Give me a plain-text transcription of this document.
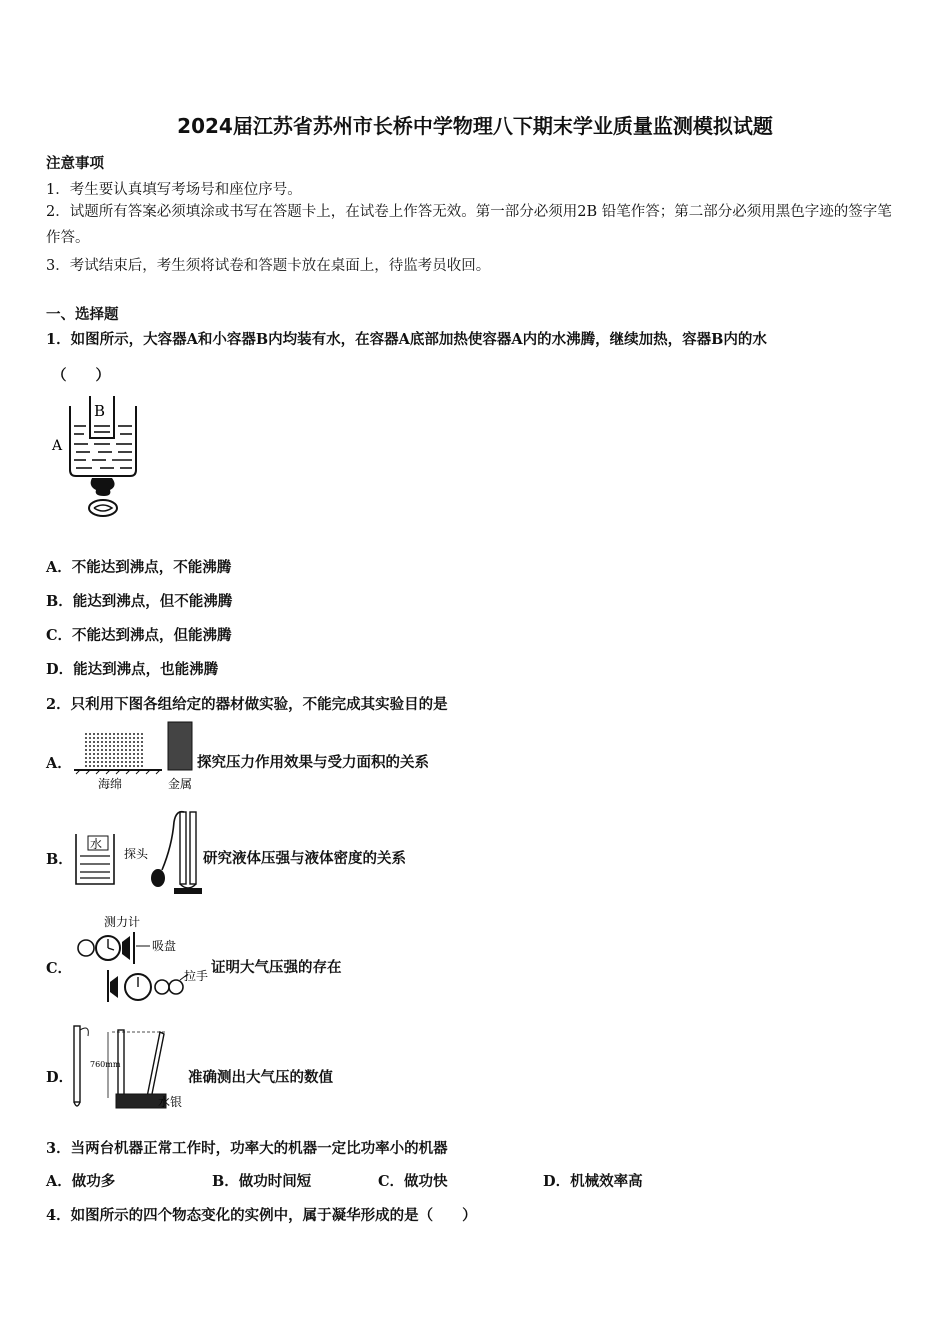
2024届江苏省苏州市长桥中学物理八下期末学业质量监测模拟试题
注意事项
1．考生要认真填写考场号和座位序号。
2．试题所有答案必须填涂或书写在答题卡上，在试卷上作答无效。第一部分必须用2B 铅笔作答；第二部分必须用黑色字迹的签字笔作答。
3．考试结束后，考生须将试卷和答题卡放在桌面上，待监考员收回。
一、选择题
1．如图所示，大容器A和小容器B内均装有水，在容器A底部加热使容器A内的水沸腾，继续加热，容器B内的水
（　　）
A
B
A．不能达到沸点，不能沸腾
B．能达到沸点，但不能沸腾
C．不能达到沸点，但能沸腾
D．能达到沸点，也能沸腾
2．只利用下图各组给定的器材做实验，不能完成其实验目的是
A．
海绵	金属
探究压力作用效果与受力面积的关系
B．
水
探头	研究液体压强与液体密度的关系
C．
测力计
吸盘
拉手 证明大气压强的存在
D．
760mm
水银
准确测出大气压的数值
3．当两台机器正常工作时，功率大的机器一定比功率小的机器
A．做功多	B．做功时间短	C．做功快	D．机械效率高
4．如图所示的四个物态变化的实例中，属于凝华形成的是（　　）
